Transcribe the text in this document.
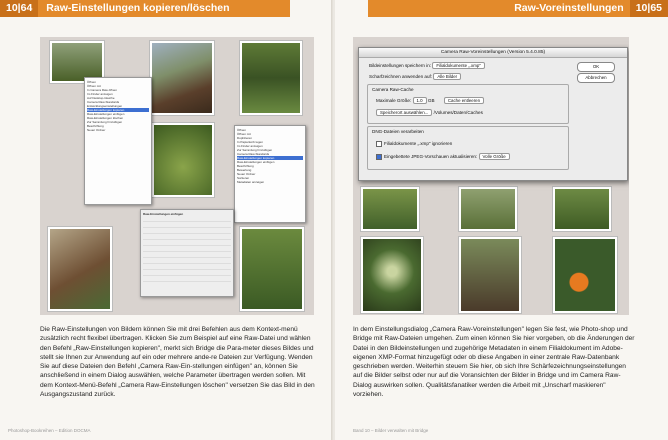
10|64 Raw-Einstellungen kopieren/löschen
Öffnen
Öffnen mit
In Camera Raw öffnen
Im Finder anzeigen
Auf Desktop-Gleiche
Camera Raw-Standards
Entwicklungseinstellungen
Raw-Einstellungen kopieren
Raw-Einstellungen einfügen
Raw-Einstellungen löschen
Zur Sammlung hinzufügen
Beschriftung
Neuer Ordner	Öffnen
Öffnen mit
Duplizieren
In Papierkorb legen
Im Finder anzeigen
Zur Sammlung hinzufügen
Camera Raw-Standards
Raw-Einstellungen kopieren
Raw-Einstellungen einfügen
Beschriftung
Bewertung
Neuer Ordner
Sortieren
Metadaten anzeigen
Raw-Einstellungen einfügen
Die Raw-Einstellungen von Bildern können Sie mit drei Befehlen aus dem Kontext-menü zusätzlich recht flexibel übertragen. Klicken Sie zum Beispiel auf eine Raw-Datei und wählen den Befehl „Raw-Einstellungen kopieren", merkt sich Bridge die Para-meter dieses Bildes und stellt sie Ihnen zur Anwendung auf ein oder mehrere ande-re Dateien zur Verfügung. Wenden Sie auf diese Dateien den Befehl „Camera Raw-Ein-stellungen einfügen" an, können Sie anschließend in einem Dialog auswählen, welche Parameter übertragen werden sollen. Mit dem Kontext-Menü-Befehl „Camera Raw-Einstellungen löschen" versetzen Sie das Bild in den Ausgangszustand zurück.
Photoshop-Bookreihen – Edition DOCMA
Raw-Voreinstellungen 10|65
Camera Raw-Voreinstellungen (Version 5.4.0.85)
Bildeinstellungen speichern in: Filialdokumente „.xmp"
Scharfzeichnen anwenden auf: Alle Bilder
OK
Abbrechen
Camera Raw-Cache
Maximale Größe: 1.0 GB	Cache entleeren
Speicherort auswählen... /Volumes/Daten/Caches
DNG-Dateien verarbeiten
Filialdokumente „.xmp" ignorieren
Eingebettete JPEG-Vorschauen aktualisieren: Volle Größe
In dem Einstellungsdialog „Camera Raw-Voreinstellungen" legen Sie fest, wie Photo-shop und Bridge mit Raw-Dateien umgehen. Zum einen können Sie hier vorgeben, ob die Änderungen der Datei in den Bildeinstellungen und zugehörige Metadaten in einem Filialdokument im Adobe-eigenen XMP-Format hinzugefügt oder ob diese Angaben in einer zentrale Raw-Datenbank geschrieben werden. Weiterhin steuern Sie hier, ob sich Ihre Schärfezeichnungseinstellungen auf die Bilder selbst oder nur auf die Voransichten der Bilder in Bridge und im Camera Raw-Dialog auswirken sollen. Qualitätsfanatiker werden die Arbeit mit „Unscharf maskieren" vorziehen.
Band 10 – Bilder verwalten mit Bridge
